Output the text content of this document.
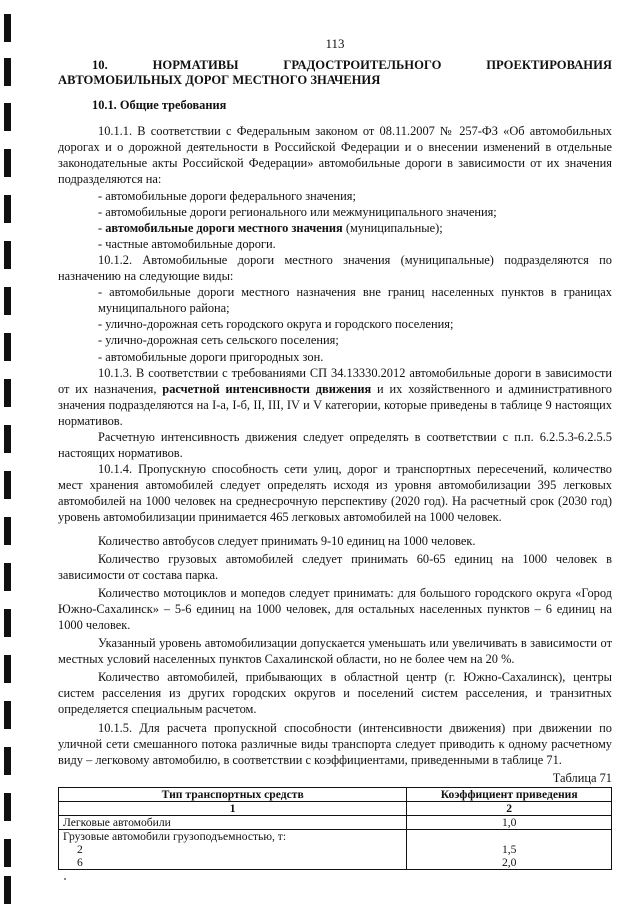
113
10.	НОРМАТИВЫ	ГРАДОСТРОИТЕЛЬНОГО	ПРОЕКТИРОВАНИЯ
АВТОМОБИЛЬНЫХ ДОРОГ МЕСТНОГО ЗНАЧЕНИЯ
10.1. Общие требования

10.1.1. В соответствии с Федеральным законом от 08.11.2007 № 257-ФЗ «Об автомобильных дорогах и о дорожной деятельности в Российской Федерации и о внесении изменений в отдельные законодательные акты Российской Федерации» автомобильные дороги в зависимости от их значения подразделяются на:

- автомобильные дороги федерального значения;

- автомобильные дороги регионального или межмуниципального значения;

- автомобильные дороги местного значения (муниципальные);

- частные автомобильные дороги.

10.1.2. Автомобильные дороги местного значения (муниципальные) подразделяются по назначению на следующие виды:

- автомобильные дороги местного назначения вне границ населенных пунктов в границах муниципального района;

- улично-дорожная сеть городского округа и городского поселения;

- улично-дорожная сеть сельского поселения;

- автомобильные дороги пригородных зон.

10.1.3. В соответствии с требованиями СП 34.13330.2012 автомобильные дороги в зависимости от их назначения, расчетной интенсивности движения и их хозяйственного и административного значения подразделяются на I-а, I-б, II, III, IV и V категории, которые приведены в таблице 9 настоящих нормативов.

Расчетную интенсивность движения следует определять в соответствии с п.п. 6.2.5.3-6.2.5.5 настоящих нормативов.

10.1.4. Пропускную способность сети улиц, дорог и транспортных пересечений, количество мест хранения автомобилей следует определять исходя из уровня автомобилизации 395 легковых автомобилей на 1000 человек на среднесрочную перспективу (2020 год). На расчетный срок (2030 год) уровень автомобилизации принимается 465 легковых автомобилей на 1000 человек.

Количество автобусов следует принимать 9-10 единиц на 1000 человек.

Количество грузовых автомобилей следует принимать 60-65 единиц на 1000 человек в зависимости от состава парка.

Количество мотоциклов и мопедов следует принимать: для большого городского округа «Город Южно-Сахалинск» – 5-6 единиц на 1000 человек, для остальных населенных пунктов – 6 единиц на 1000 человек.

Указанный уровень автомобилизации допускается уменьшать или увеличивать в зависимости от местных условий населенных пунктов Сахалинской области, но не более чем на 20 %.

Количество автомобилей, прибывающих в областной центр (г. Южно-Сахалинск), центры систем расселения из других городских округов и поселений систем расселения, и транзитных определяется специальным расчетом.

10.1.5. Для расчета пропускной способности (интенсивности движения) при движении по уличной сети смешанного потока различные виды транспорта следует приводить к одному расчетному виду – легковому автомобилю, в соответствии с коэффициентами, приведенными в таблице 71.

Таблица 71
Тип транспортных средств	Коэффициент приведения
1	2
Легковые автомобили	1,0
Грузовые автомобили грузоподъемностью, т:	
2	1,5
6	2,0
